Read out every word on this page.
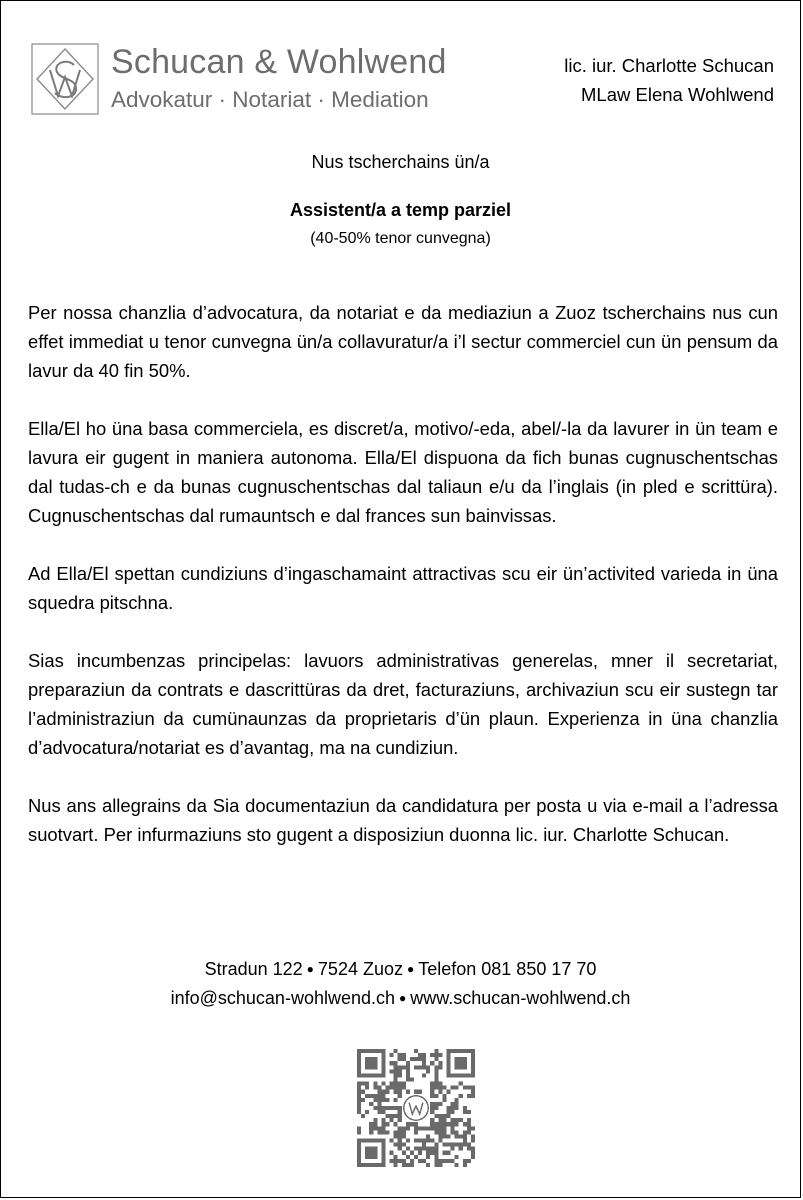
Schucan & Wohlwend
Advokatur · Notariat · Mediation
lic. iur. Charlotte Schucan
MLaw Elena Wohlwend
Nus tscherchains ün/a
Assistent/a a temp parziel
(40-50% tenor cunvegna)

Per nossa chanzlia d’advocatura, da notariat e da mediaziun a Zuoz tscherchains nus cun effet immediat u tenor cunvegna ün/a collavuratur/a i’l sectur commerciel cun ün pensum da lavur da 40 fin 50%.

Ella/El ho üna basa commerciela, es discret/a, motivo/-eda, abel/-la da lavurer in ün team e lavura eir gugent in maniera autonoma. Ella/El dispuona da fich bunas cugnuschentschas dal tudas-ch e da bunas cugnuschentschas dal taliaun e/u da l’inglais (in pled e scrittüra). Cugnuschentschas dal rumauntsch e dal frances sun bainvissas.

Ad Ella/El spettan cundiziuns d’ingaschamaint attractivas scu eir ün’activited varieda in üna squedra pitschna.

Sias incumbenzas principelas: lavuors administrativas generelas, mner il secretariat, preparaziun da contrats e dascrittüras da dret, facturaziuns, archivaziun scu eir sustegn tar l’administraziun da cumünaunzas da proprietaris d’ün plaun. Experienza in üna chanzlia d’advocatura/notariat es d’avantag, ma na cundiziun.

Nus ans allegrains da Sia documentaziun da candidatura per posta u via e-mail a l’adressa suotvart. Per infurmaziuns sto gugent a disposiziun duonna lic. iur. Charlotte Schucan.

Stradun 122 ● 7524 Zuoz ● Telefon 081 850 17 70
info@schucan-wohlwend.ch ● www.schucan-wohlwend.ch
